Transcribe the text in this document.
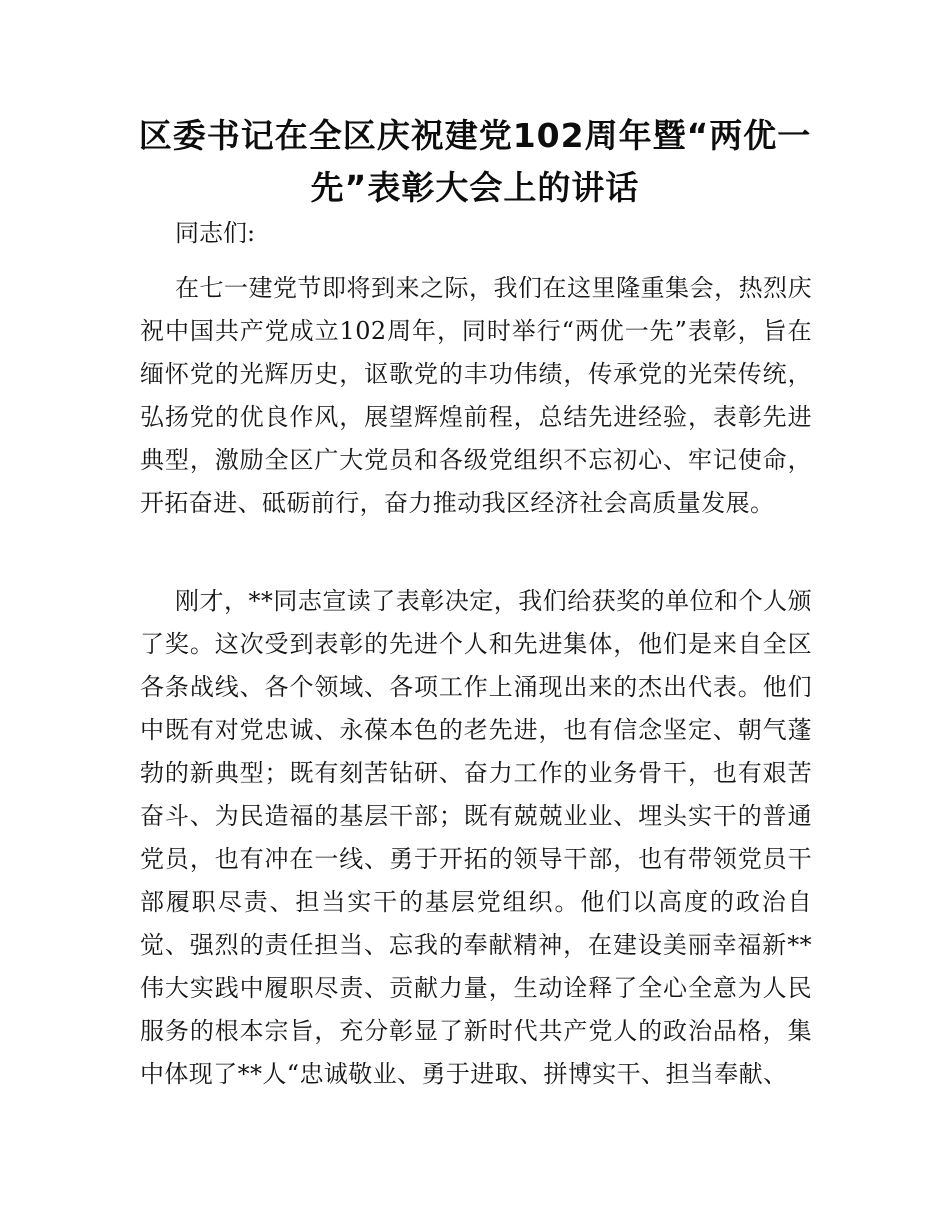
区委书记在全区庆祝建党102周年暨“两优一先”表彰大会上的讲话

同志们:

在七一建党节即将到来之际，我们在这里隆重集会，热烈庆祝中国共产党成立102周年，同时举行“两优一先”表彰，旨在缅怀党的光辉历史，讴歌党的丰功伟绩，传承党的光荣传统，弘扬党的优良作风，展望辉煌前程，总结先进经验，表彰先进典型，激励全区广大党员和各级党组织不忘初心、牢记使命，开拓奋进、砥砺前行，奋力推动我区经济社会高质量发展。

刚才，**同志宣读了表彰决定，我们给获奖的单位和个人颁了奖。这次受到表彰的先进个人和先进集体，他们是来自全区各条战线、各个领域、各项工作上涌现出来的杰出代表。他们中既有对党忠诚、永葆本色的老先进，也有信念坚定、朝气蓬勃的新典型；既有刻苦钻研、奋力工作的业务骨干，也有艰苦奋斗、为民造福的基层干部；既有兢兢业业、埋头实干的普通党员，也有冲在一线、勇于开拓的领导干部，也有带领党员干部履职尽责、担当实干的基层党组织。他们以高度的政治自觉、强烈的责任担当、忘我的奉献精神，在建设美丽幸福新**伟大实践中履职尽责、贡献力量，生动诠释了全心全意为人民服务的根本宗旨，充分彰显了新时代共产党人的政治品格，集中体现了**人“忠诚敬业、勇于进取、拼博实干、担当奉献、
